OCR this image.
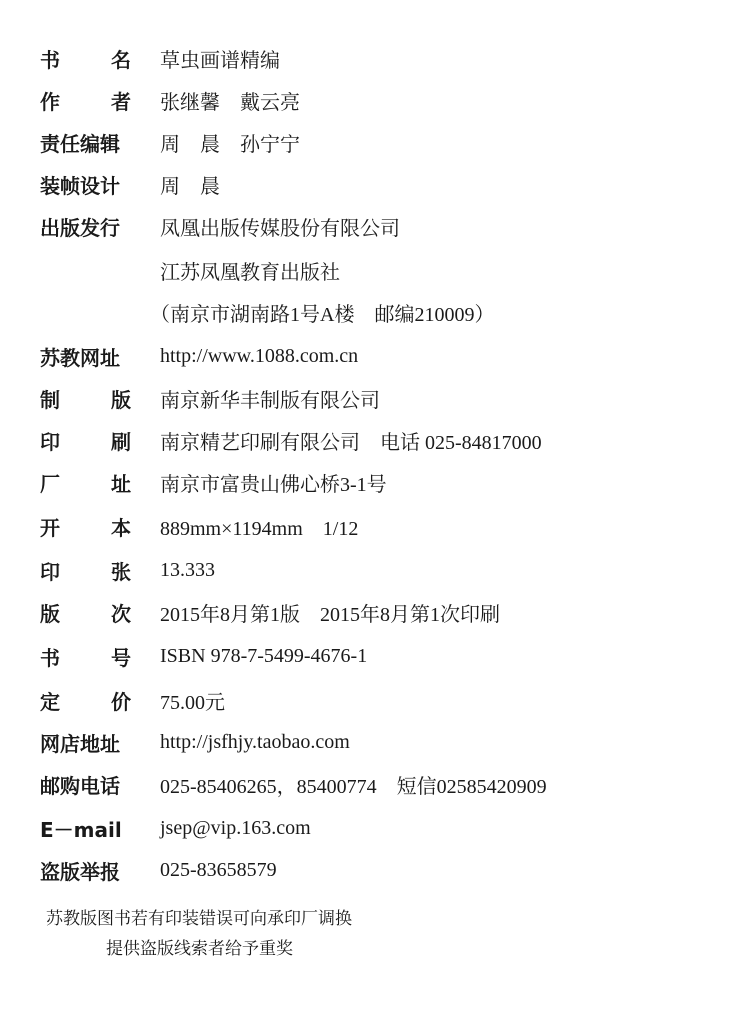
书	名 草虫画谱精编
作	者 张继馨　戴云亮
责任编辑	周　晨　孙宁宁
装帧设计	周　晨
出版发行	凤凰出版传媒股份有限公司
江苏凤凰教育出版社
（南京市湖南路1号A楼　邮编210009）
苏教网址	http://www.1088.com.cn
制	版 南京新华丰制版有限公司
印	刷 南京精艺印刷有限公司　电话 025-84817000
厂	址 南京市富贵山佛心桥3-1号
开	本 889mm×1194mm　1/12
印	张 13.333
版	次 2015年8月第1版　2015年8月第1次印刷
书	号 ISBN 978-7-5499-4676-1
定	价 75.00元
网店地址	http://jsfhjy.taobao.com
邮购电话	025-85406265，85400774　短信02585420909
E－mail	jsep@vip.163.com
盗版举报	025-83658579
苏教版图书若有印装错误可向承印厂调换
提供盗版线索者给予重奖
